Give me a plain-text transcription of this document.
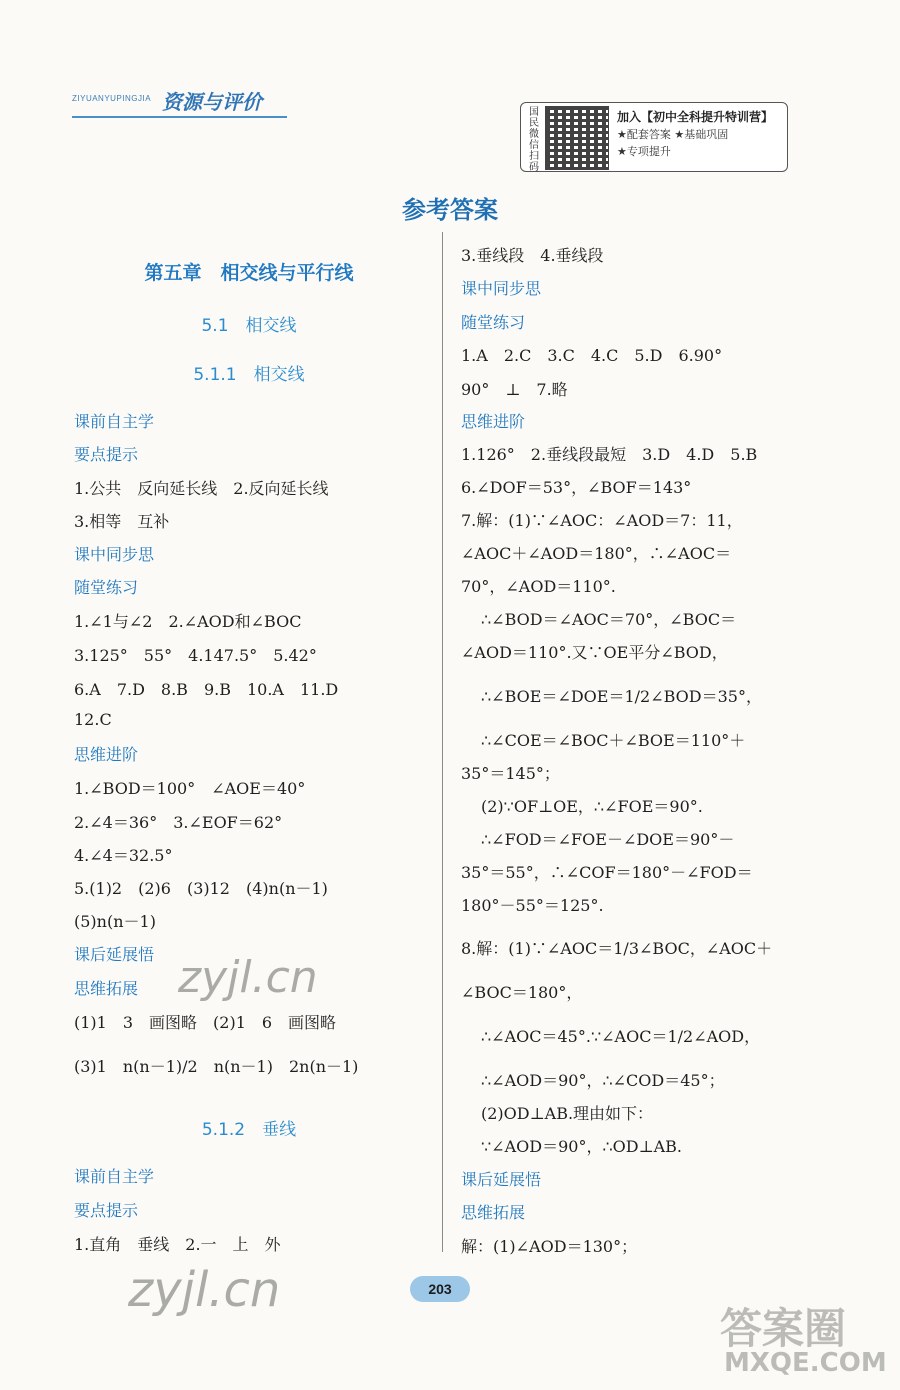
ZIYUANYUPINGJIA 资源与评价	国民微信扫码
加入【初中全科提升特训营】
★配套答案 ★基础巩固
★专项提升
参考答案
第五章　相交线与平行线
5.1　相交线
5.1.1　相交线
课前自主学
要点提示
1.公共　反向延长线　2.反向延长线
3.相等　互补
课中同步思
随堂练习
1.∠1与∠2　2.∠AOD和∠BOC
3.125°　55°　4.147.5°　5.42°
6.A　7.D　8.B　9.B　10.A　11.D
12.C
思维进阶
1.∠BOD＝100°　∠AOE＝40°
2.∠4＝36°　3.∠EOF＝62°
4.∠4＝32.5°
5.(1)2　(2)6　(3)12　(4)n(n－1)
(5)n(n－1)
课后延展悟
思维拓展
(1)1　3　画图略　(2)1　6　画图略
(3)1　n(n－1)/2　n(n－1)　2n(n－1)
5.1.2　垂线
课前自主学
要点提示
1.直角　垂线　2.一　上　外
3.垂线段　4.垂线段
课中同步思
随堂练习
1.A　2.C　3.C　4.C　5.D　6.90°
90°　⊥　7.略
思维进阶
1.126°　2.垂线段最短　3.D　4.D　5.B
6.∠DOF＝53°，∠BOF＝143°
7.解：(1)∵∠AOC：∠AOD＝7：11，
∠AOC＋∠AOD＝180°，∴∠AOC＝
70°，∠AOD＝110°.
∴∠BOD＝∠AOC＝70°，∠BOC＝
∠AOD＝110°.又∵OE平分∠BOD，
∴∠BOE＝∠DOE＝1/2∠BOD＝35°，
∴∠COE＝∠BOC＋∠BOE＝110°＋
35°＝145°；
(2)∵OF⊥OE，∴∠FOE＝90°.
∴∠FOD＝∠FOE－∠DOE＝90°－
35°＝55°，∴∠COF＝180°－∠FOD＝
180°－55°＝125°.
8.解：(1)∵∠AOC＝1/3∠BOC，∠AOC＋
∠BOC＝180°，
∴∠AOC＝45°.∵∠AOC＝1/2∠AOD，
∴∠AOD＝90°，∴∠COD＝45°；
(2)OD⊥AB.理由如下：
∵∠AOD＝90°，∴OD⊥AB.
课后延展悟
思维拓展
解：(1)∠AOD＝130°；
zyjl.cn
zyjl.cn
答案圈
MXQE.COM
203
